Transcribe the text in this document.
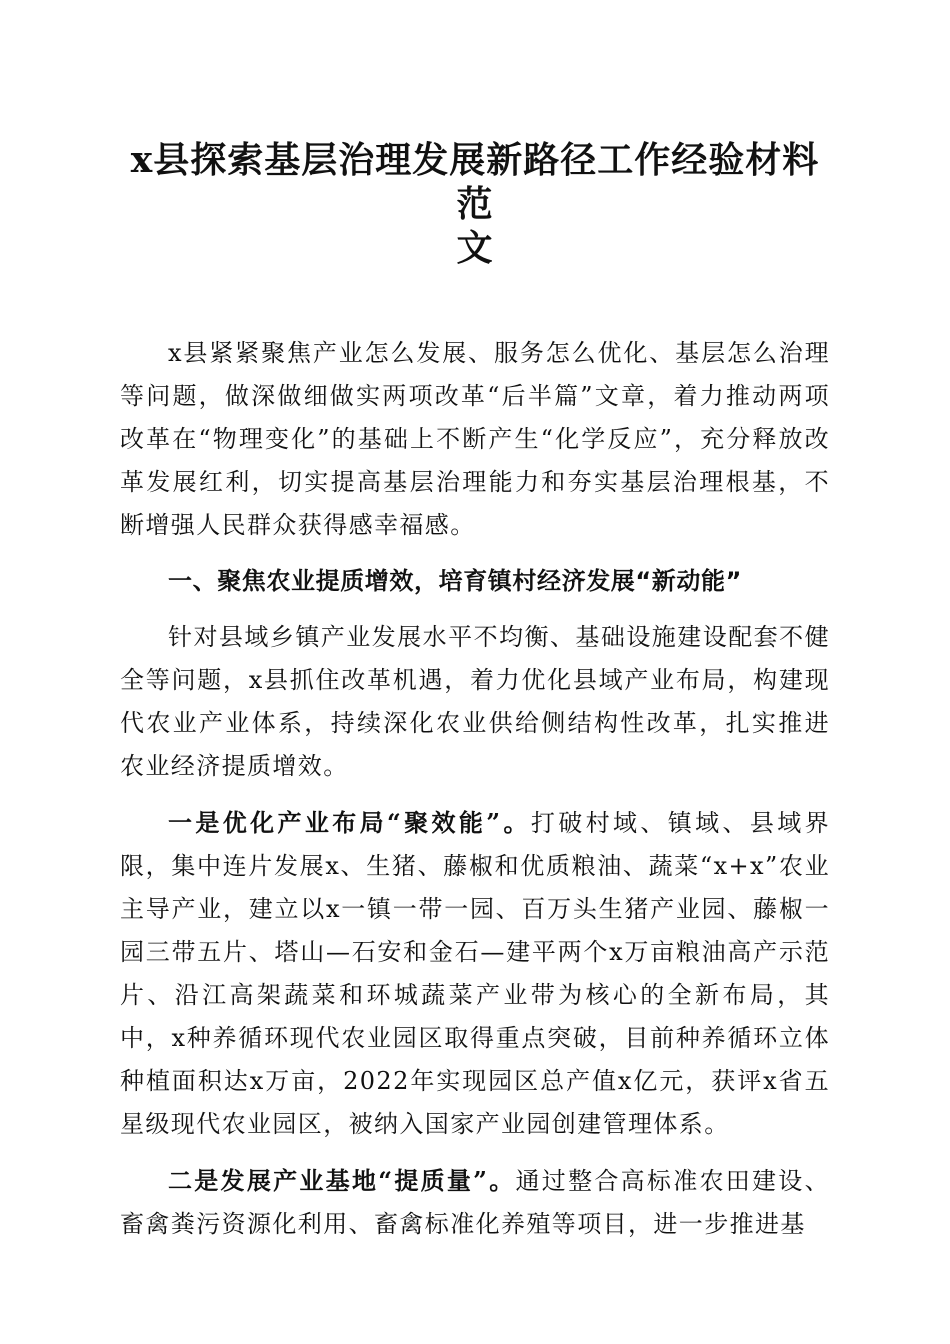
x县探索基层治理发展新路径工作经验材料范
文

x县紧紧聚焦产业怎么发展、服务怎么优化、基层怎么治理等问题，做深做细做实两项改革“后半篇”文章，着力推动两项改革在“物理变化”的基础上不断产生“化学反应”，充分释放改革发展红利，切实提高基层治理能力和夯实基层治理根基，不断增强人民群众获得感幸福感。

一、聚焦农业提质增效，培育镇村经济发展“新动能”

针对县域乡镇产业发展水平不均衡、基础设施建设配套不健全等问题，x县抓住改革机遇，着力优化县域产业布局，构建现代农业产业体系，持续深化农业供给侧结构性改革，扎实推进农业经济提质增效。

一是优化产业布局“聚效能”。打破村域、镇域、县域界限，集中连片发展x、生猪、藤椒和优质粮油、蔬菜“x+x”农业主导产业，建立以x一镇一带一园、百万头生猪产业园、藤椒一园三带五片、塔山—石安和金石—建平两个x万亩粮油高产示范片、沿江高架蔬菜和环城蔬菜产业带为核心的全新布局，其中，x种养循环现代农业园区取得重点突破，目前种养循环立体种植面积达x万亩，2022年实现园区总产值x亿元，获评x省五星级现代农业园区，被纳入国家产业园创建管理体系。

二是发展产业基地“提质量”。通过整合高标准农田建设、畜禽粪污资源化利用、畜禽标准化养殖等项目，进一步推进基
